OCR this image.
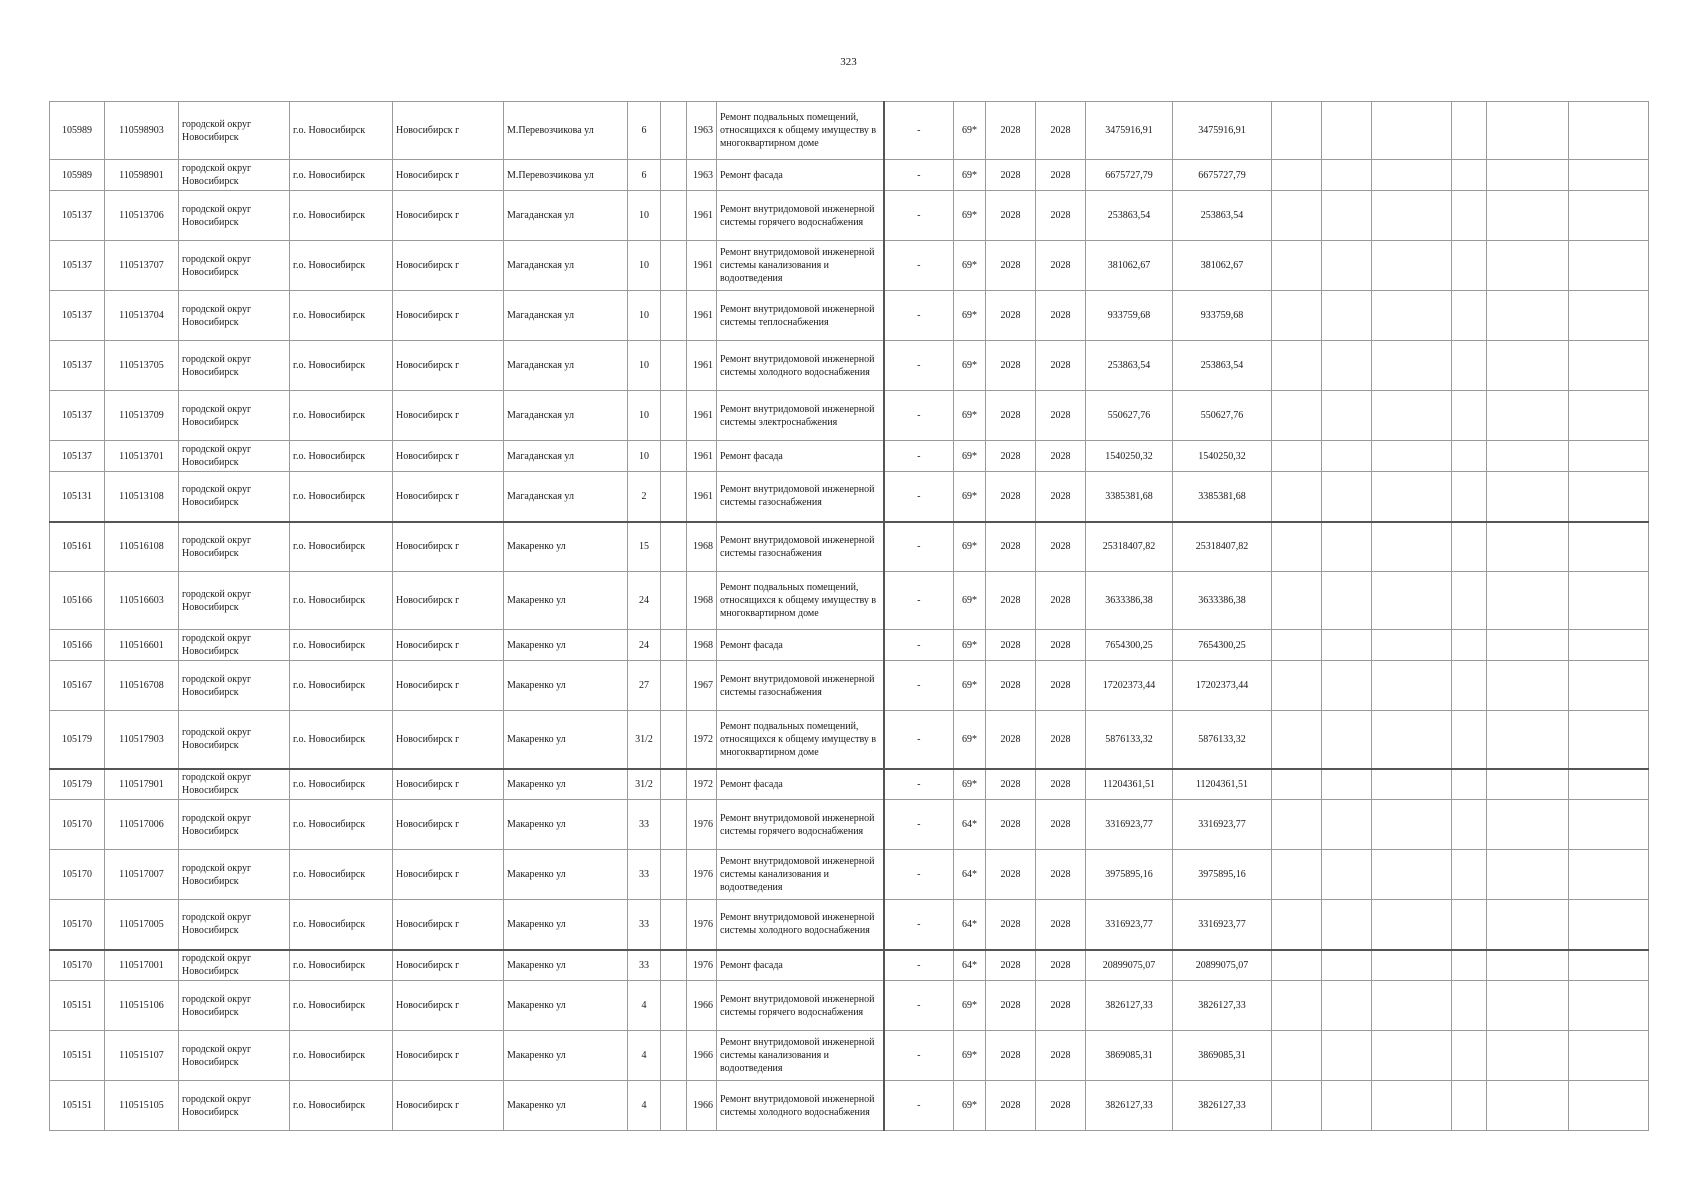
323
105989	110598903	городской округ Новосибирск	г.о. Новосибирск	Новосибирск г	М.Перевозчикова ул	6		1963	Ремонт подвальных помещений, относящихся к общему имуществу в многоквартирном доме	-	69*	2028	2028	3475916,91	3475916,91						
105989	110598901	городской округ Новосибирск	г.о. Новосибирск	Новосибирск г	М.Перевозчикова ул	6		1963	Ремонт фасада	-	69*	2028	2028	6675727,79	6675727,79						
105137	110513706	городской округ Новосибирск	г.о. Новосибирск	Новосибирск г	Магаданская ул	10		1961	Ремонт внутридомовой инженерной системы горячего водоснабжения	-	69*	2028	2028	253863,54	253863,54						
105137	110513707	городской округ Новосибирск	г.о. Новосибирск	Новосибирск г	Магаданская ул	10		1961	Ремонт внутридомовой инженерной системы канализования и водоотведения	-	69*	2028	2028	381062,67	381062,67						
105137	110513704	городской округ Новосибирск	г.о. Новосибирск	Новосибирск г	Магаданская ул	10		1961	Ремонт внутридомовой инженерной системы теплоснабжения	-	69*	2028	2028	933759,68	933759,68						
105137	110513705	городской округ Новосибирск	г.о. Новосибирск	Новосибирск г	Магаданская ул	10		1961	Ремонт внутридомовой инженерной системы холодного водоснабжения	-	69*	2028	2028	253863,54	253863,54						
105137	110513709	городской округ Новосибирск	г.о. Новосибирск	Новосибирск г	Магаданская ул	10		1961	Ремонт внутридомовой инженерной системы электроснабжения	-	69*	2028	2028	550627,76	550627,76						
105137	110513701	городской округ Новосибирск	г.о. Новосибирск	Новосибирск г	Магаданская ул	10		1961	Ремонт фасада	-	69*	2028	2028	1540250,32	1540250,32						
105131	110513108	городской округ Новосибирск	г.о. Новосибирск	Новосибирск г	Магаданская ул	2		1961	Ремонт внутридомовой инженерной системы газоснабжения	-	69*	2028	2028	3385381,68	3385381,68						
105161	110516108	городской округ Новосибирск	г.о. Новосибирск	Новосибирск г	Макаренко ул	15		1968	Ремонт внутридомовой инженерной системы газоснабжения	-	69*	2028	2028	25318407,82	25318407,82						
105166	110516603	городской округ Новосибирск	г.о. Новосибирск	Новосибирск г	Макаренко ул	24		1968	Ремонт подвальных помещений, относящихся к общему имуществу в многоквартирном доме	-	69*	2028	2028	3633386,38	3633386,38						
105166	110516601	городской округ Новосибирск	г.о. Новосибирск	Новосибирск г	Макаренко ул	24		1968	Ремонт фасада	-	69*	2028	2028	7654300,25	7654300,25						
105167	110516708	городской округ Новосибирск	г.о. Новосибирск	Новосибирск г	Макаренко ул	27		1967	Ремонт внутридомовой инженерной системы газоснабжения	-	69*	2028	2028	17202373,44	17202373,44						
105179	110517903	городской округ Новосибирск	г.о. Новосибирск	Новосибирск г	Макаренко ул	31/2		1972	Ремонт подвальных помещений, относящихся к общему имуществу в многоквартирном доме	-	69*	2028	2028	5876133,32	5876133,32						
105179	110517901	городской округ Новосибирск	г.о. Новосибирск	Новосибирск г	Макаренко ул	31/2		1972	Ремонт фасада	-	69*	2028	2028	11204361,51	11204361,51						
105170	110517006	городской округ Новосибирск	г.о. Новосибирск	Новосибирск г	Макаренко ул	33		1976	Ремонт внутридомовой инженерной системы горячего водоснабжения	-	64*	2028	2028	3316923,77	3316923,77						
105170	110517007	городской округ Новосибирск	г.о. Новосибирск	Новосибирск г	Макаренко ул	33		1976	Ремонт внутридомовой инженерной системы канализования и водоотведения	-	64*	2028	2028	3975895,16	3975895,16						
105170	110517005	городской округ Новосибирск	г.о. Новосибирск	Новосибирск г	Макаренко ул	33		1976	Ремонт внутридомовой инженерной системы холодного водоснабжения	-	64*	2028	2028	3316923,77	3316923,77						
105170	110517001	городской округ Новосибирск	г.о. Новосибирск	Новосибирск г	Макаренко ул	33		1976	Ремонт фасада	-	64*	2028	2028	20899075,07	20899075,07						
105151	110515106	городской округ Новосибирск	г.о. Новосибирск	Новосибирск г	Макаренко ул	4		1966	Ремонт внутридомовой инженерной системы горячего водоснабжения	-	69*	2028	2028	3826127,33	3826127,33						
105151	110515107	городской округ Новосибирск	г.о. Новосибирск	Новосибирск г	Макаренко ул	4		1966	Ремонт внутридомовой инженерной системы канализования и водоотведения	-	69*	2028	2028	3869085,31	3869085,31						
105151	110515105	городской округ Новосибирск	г.о. Новосибирск	Новосибирск г	Макаренко ул	4		1966	Ремонт внутридомовой инженерной системы холодного водоснабжения	-	69*	2028	2028	3826127,33	3826127,33						
